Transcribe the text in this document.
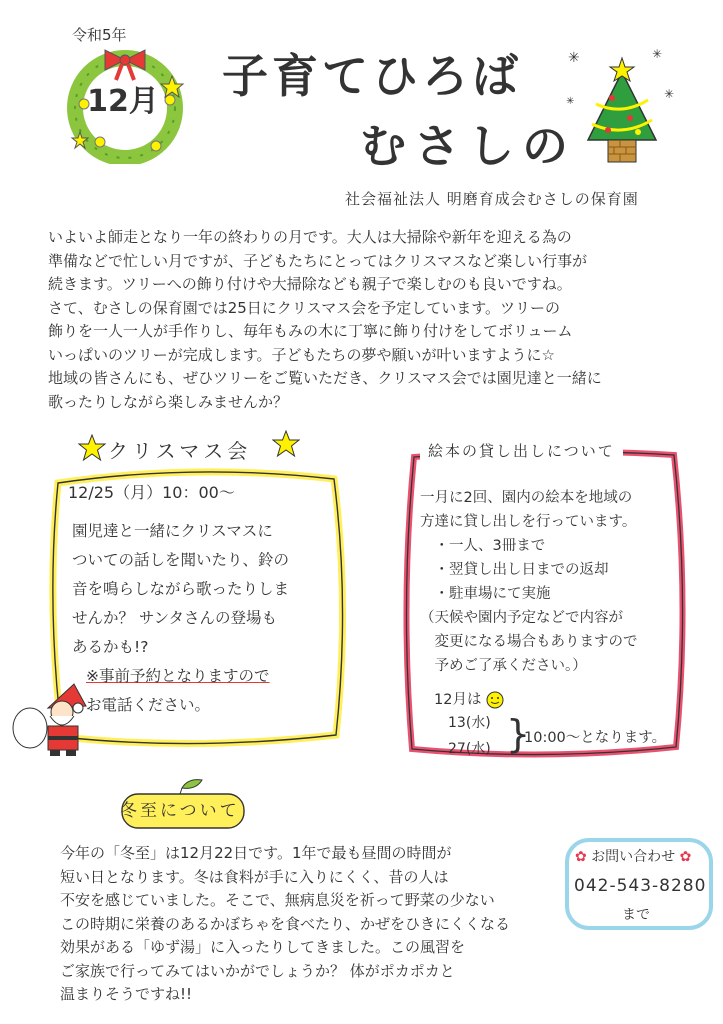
令和5年
12月 子育てひろば
むさしの
✳	✳
✳
✳
社会福祉法人 明磨育成会むさしの保育園

いよいよ師走となり一年の終わりの月です。大人は大掃除や新年を迎える為の

準備などで忙しい月ですが、子どもたちにとってはクリスマスなど楽しい行事が

続きます。ツリーへの飾り付けや大掃除なども親子で楽しむのも良いですね。

さて、むさしの保育園では25日にクリスマス会を予定しています。ツリーの

飾りを一人一人が手作りし、毎年もみの木に丁寧に飾り付けをしてボリューム

いっぱいのツリーが完成します。子どもたちの夢や願いが叶いますように☆

地域の皆さんにも、ぜひツリーをご覧いただき、クリスマス会では園児達と一緒に

歌ったりしながら楽しみませんか？

クリスマス会
12/25（月）10：00～

園児達と一緒にクリスマスに

ついての話しを聞いたり、鈴の

音を鳴らしながら歌ったりしま

せんか？ サンタさんの登場も

あるかも!?

※事前予約となりますので

お電話ください。

絵本の貸し出しについて

一月に2回、園内の絵本を地域の

方達に貸し出しを行っています。

　・一人、3冊まで

　・翌貸し出し日までの返却

　・駐車場にて実施

（天候や園内予定などで内容が

　変更になる場合もありますので

　予めご了承ください。）

12月は
13(水)
27(水) }
10:00～となります。
冬至について

今年の「冬至」は12月22日です。1年で最も昼間の時間が

短い日となります。冬は食料が手に入りにくく、昔の人は

不安を感じていました。そこで、無病息災を祈って野菜の少ない

この時期に栄養のあるかぼちゃを食べたり、かぜをひきにくくなる

効果がある「ゆず湯」に入ったりしてきました。この風習を

ご家族で行ってみてはいかがでしょうか？ 体がポカポカと

温まりそうですね!!

✿ お問い合わせ ✿
042-543-8280
まで
